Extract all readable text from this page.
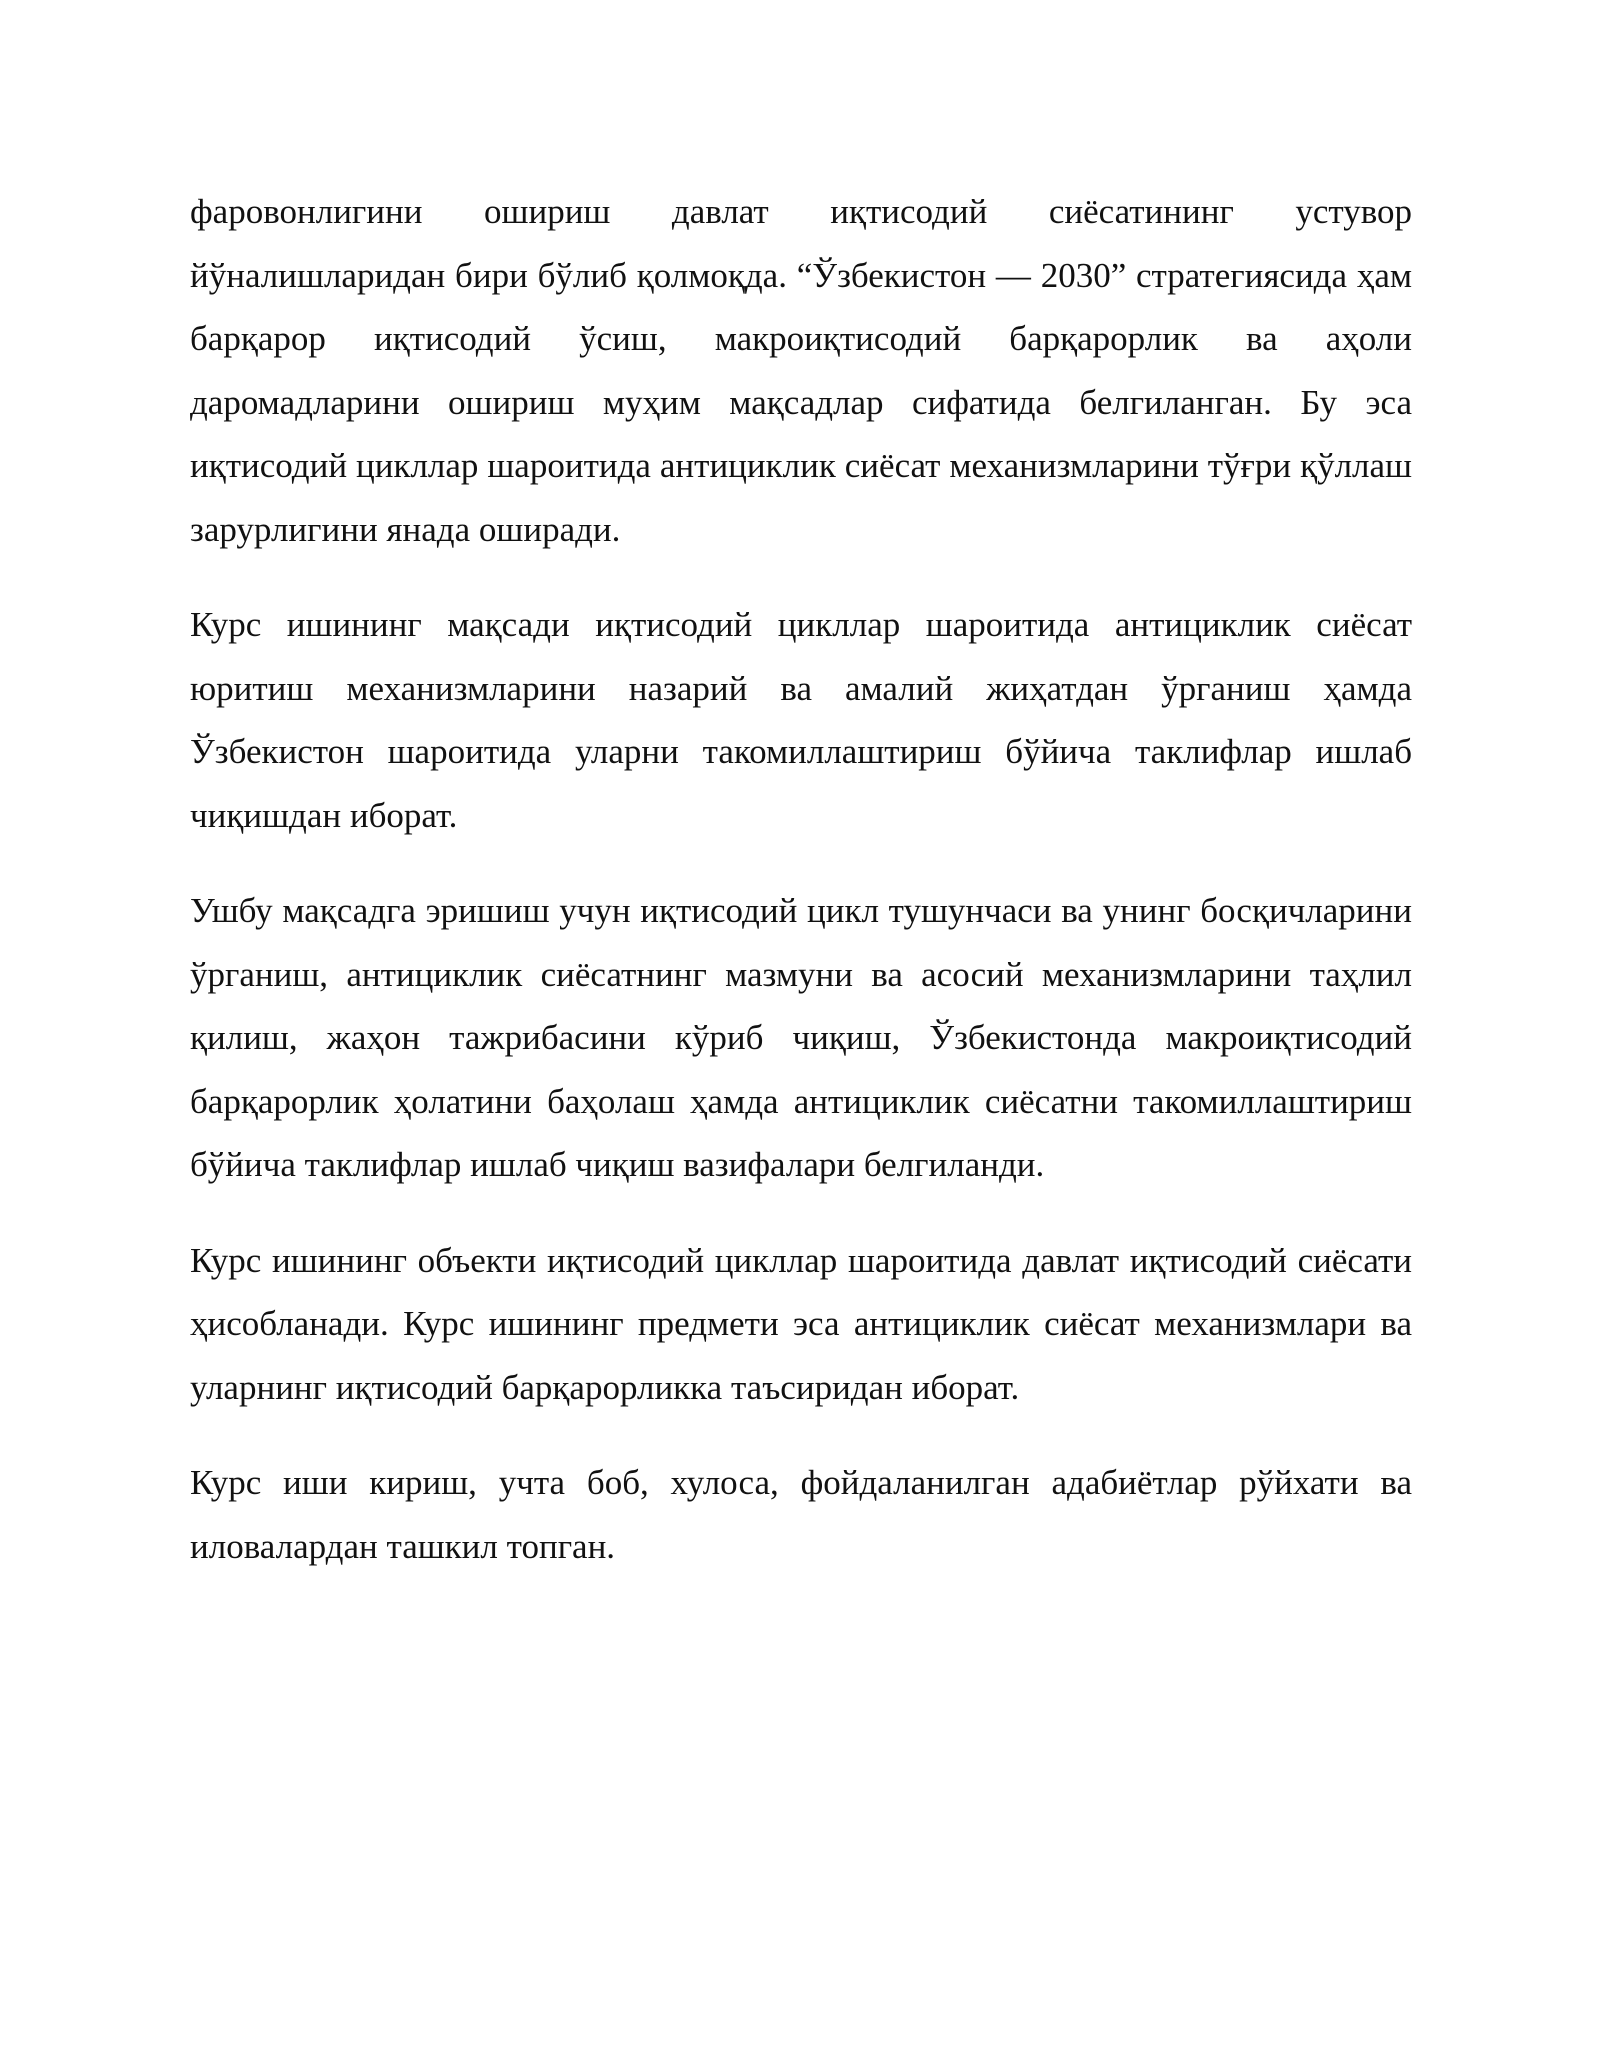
фаровонлигини ошириш давлат иқтисодий сиёсатининг устувор йўналишларидан бири бўлиб қолмоқда. “Ўзбекистон — 2030” стратегиясида ҳам барқарор иқтисодий ўсиш, макроиқтисодий барқарорлик ва аҳоли даромадларини ошириш муҳим мақсадлар сифатида белгиланган. Бу эса иқтисодий цикллар шароитида антициклик сиёсат механизмларини тўғри қўллаш зарурлигини янада оширади.

Курс ишининг мақсади иқтисодий цикллар шароитида антициклик сиёсат юритиш механизмларини назарий ва амалий жиҳатдан ўрганиш ҳамда Ўзбекистон шароитида уларни такомиллаштириш бўйича таклифлар ишлаб чиқишдан иборат.

Ушбу мақсадга эришиш учун иқтисодий цикл тушунчаси ва унинг босқичларини ўрганиш, антициклик сиёсатнинг мазмуни ва асосий механизмларини таҳлил қилиш, жаҳон тажрибасини кўриб чиқиш, Ўзбекистонда макроиқтисодий барқарорлик ҳолатини баҳолаш ҳамда антициклик сиёсатни такомиллаштириш бўйича таклифлар ишлаб чиқиш вазифалари белгиланди.

Курс ишининг объекти иқтисодий цикллар шароитида давлат иқтисодий сиёсати ҳисобланади. Курс ишининг предмети эса антициклик сиёсат механизмлари ва уларнинг иқтисодий барқарорликка таъсиридан иборат.

Курс иши кириш, учта боб, хулоса, фойдаланилган адабиётлар рўйхати ва иловалардан ташкил топган.
